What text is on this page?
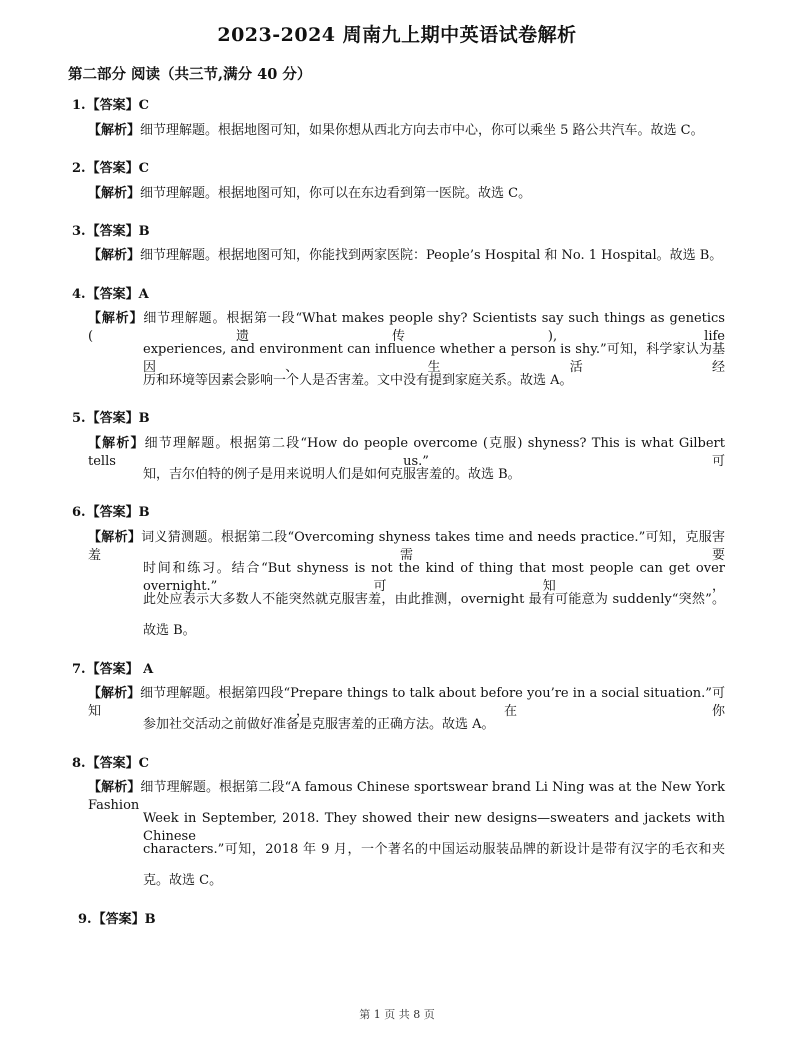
2023-2024 周南九上期中英语试卷解析
第二部分 阅读（共三节,满分 40 分）
1.【答案】C
【解析】细节理解题。根据地图可知，如果你想从西北方向去市中心，你可以乘坐 5 路公共汽车。故选 C。
2.【答案】C
【解析】细节理解题。根据地图可知，你可以在东边看到第一医院。故选 C。
3.【答案】B
【解析】细节理解题。根据地图可知，你能找到两家医院：People’s Hospital 和 No. 1 Hospital。故选 B。
4.【答案】A
【解析】细节理解题。根据第一段“What makes people shy? Scientists say such things as genetics (遗传), life
experiences, and environment can influence whether a person is shy.”可知，科学家认为基因、生活经
历和环境等因素会影响一个人是否害羞。文中没有提到家庭关系。故选 A。
5.【答案】B
【解析】细节理解题。根据第二段“How do people overcome (克服) shyness? This is what Gilbert tells us.”可
知，吉尔伯特的例子是用来说明人们是如何克服害羞的。故选 B。
6.【答案】B
【解析】词义猜测题。根据第二段“Overcoming shyness takes time and needs practice.”可知，克服害羞需要
时间和练习。结合“But shyness is not the kind of thing that most people can get over overnight.”可知，
此处应表示大多数人不能突然就克服害羞，由此推测，overnight 最有可能意为 suddenly“突然”。
故选 B。
7.【答案】 A
【解析】细节理解题。根据第四段“Prepare things to talk about before you’re in a social situation.”可知，在你
参加社交活动之前做好准备是克服害羞的正确方法。故选 A。
8.【答案】C
【解析】细节理解题。根据第二段“A famous Chinese sportswear brand Li Ning was at the New York Fashion
Week in September, 2018. They showed their new designs—sweaters and jackets with Chinese
characters.”可知，2018 年 9 月，一个著名的中国运动服装品牌的新设计是带有汉字的毛衣和夹
克。故选 C。
9.【答案】B
第 1 页 共 8 页
